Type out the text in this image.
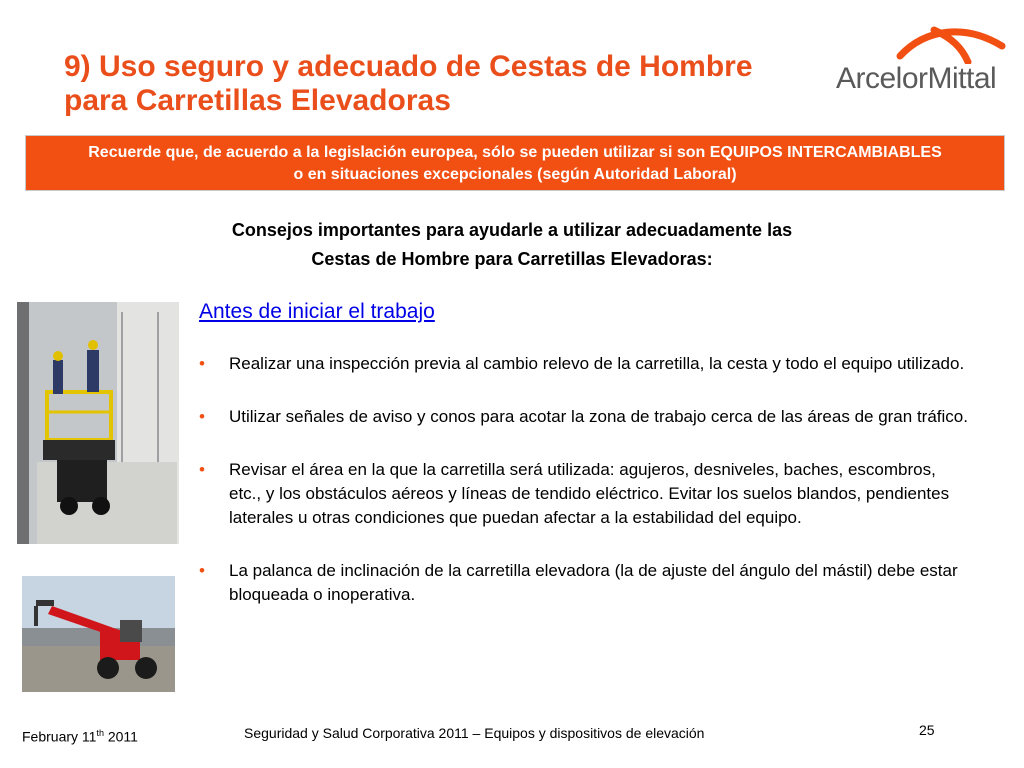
9) Uso seguro y adecuado de Cestas de Hombre
para Carretillas Elevadoras
ArcelorMittal
Recuerde que, de acuerdo a la legislación europea, sólo se pueden utilizar si son EQUIPOS INTERCAMBIABLES o en situaciones excepcionales (según Autoridad Laboral)
Consejos importantes para ayudarle a utilizar adecuadamente las
Cestas de Hombre para Carretillas Elevadoras:
Antes de iniciar el trabajo
• Realizar una inspección previa al cambio relevo de la carretilla, la cesta y todo el equipo utilizado.
• Utilizar señales de aviso y conos para acotar la zona de trabajo cerca de las áreas de gran tráfico.
• Revisar el área en la que la carretilla será utilizada: agujeros, desniveles, baches, escombros, etc., y los obstáculos aéreos y líneas de tendido eléctrico. Evitar los suelos blandos, pendientes laterales u otras condiciones que puedan afectar a la estabilidad del equipo.
• La palanca de inclinación de la carretilla elevadora (la de ajuste del ángulo del mástil) debe estar bloqueada o inoperativa.
February 11th 2011	Seguridad y Salud Corporativa 2011 – Equipos y dispositivos de elevación	25
